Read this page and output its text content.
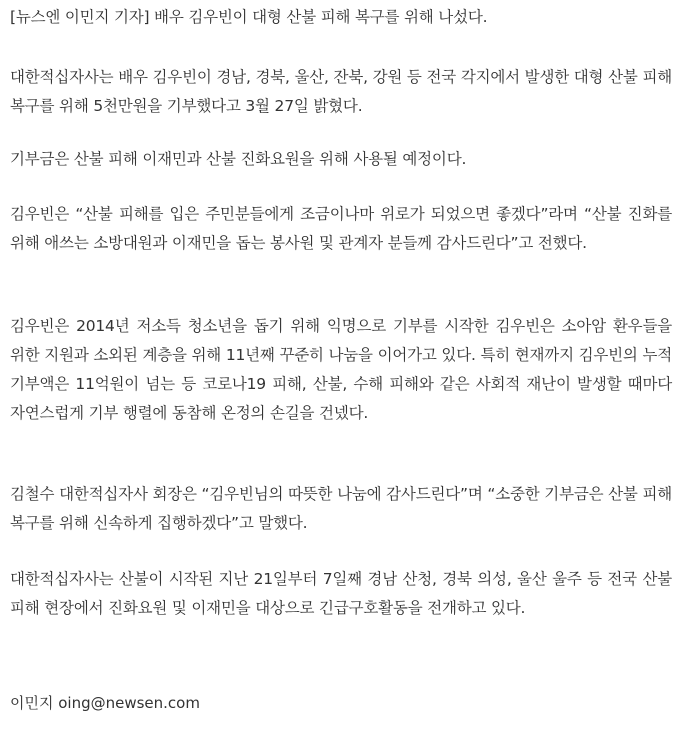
[뉴스엔 이민지 기자] 배우 김우빈이 대형 산불 피해 복구를 위해 나섰다.

대한적십자사는 배우 김우빈이 경남, 경북, 울산, 잔북, 강원 등 전국 각지에서 발생한 대형 산불 피해 복구를 위해 5천만원을 기부했다고 3월 27일 밝혔다.

기부금은 산불 피해 이재민과 산불 진화요원을 위해 사용될 예정이다.

김우빈은 “산불 피해를 입은 주민분들에게 조금이나마 위로가 되었으면 좋겠다”라며 “산불 진화를 위해 애쓰는 소방대원과 이재민을 돕는 봉사원 및 관계자 분들께 감사드린다”고 전했다.

김우빈은 2014년 저소득 청소년을 돕기 위해 익명으로 기부를 시작한 김우빈은 소아암 환우들을 위한 지원과 소외된 계층을 위해 11년째 꾸준히 나눔을 이어가고 있다. 특히 현재까지 김우빈의 누적 기부액은 11억원이 넘는 등 코로나19 피해, 산불, 수해 피해와 같은 사회적 재난이 발생할 때마다 자연스럽게 기부 행렬에 동참해 온정의 손길을 건넸다.

김철수 대한적십자사 회장은 “김우빈님의 따뜻한 나눔에 감사드린다”며 “소중한 기부금은 산불 피해 복구를 위해 신속하게 집행하겠다”고 말했다.

대한적십자사는 산불이 시작된 지난 21일부터 7일째 경남 산청, 경북 의성, 울산 울주 등 전국 산불 피해 현장에서 진화요원 및 이재민을 대상으로 긴급구호활동을 전개하고 있다.

이민지 oing@newsen.com
